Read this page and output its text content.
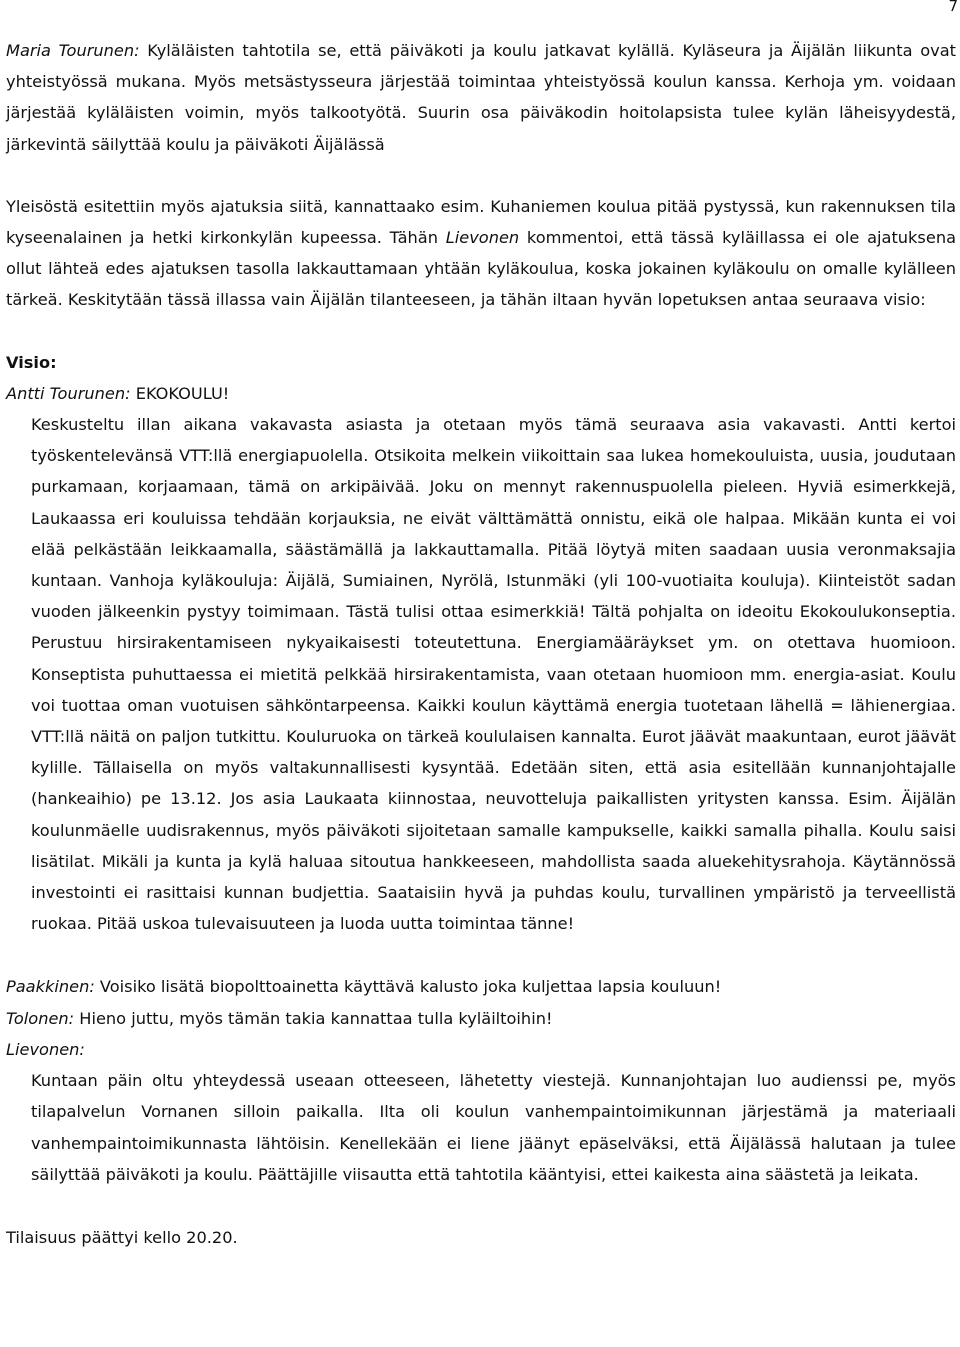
7

Maria Tourunen: Kyläläisten tahtotila se, että päiväkoti ja koulu jatkavat kylällä. Kyläseura ja Äijälän liikunta ovat yhteistyössä mukana. Myös metsästysseura järjestää toimintaa yhteistyössä koulun kanssa. Kerhoja ym. voidaan järjestää kyläläisten voimin, myös talkootyötä. Suurin osa päiväkodin hoitolapsista tulee kylän läheisyydestä, järkevintä säilyttää koulu ja päiväkoti Äijälässä

Yleisöstä esitettiin myös ajatuksia siitä, kannattaako esim. Kuhaniemen koulua pitää pystyssä, kun rakennuksen tila kyseenalainen ja hetki kirkonkylän kupeessa. Tähän Lievonen kommentoi, että tässä kyläillassa ei ole ajatuksena ollut lähteä edes ajatuksen tasolla lakkauttamaan yhtään kyläkoulua, koska jokainen kyläkoulu on omalle kylälleen tärkeä. Keskitytään tässä illassa vain Äijälän tilanteeseen, ja tähän iltaan hyvän lopetuksen antaa seuraava visio:

Visio:

Antti Tourunen: EKOKOULU!

Keskusteltu illan aikana vakavasta asiasta ja otetaan myös tämä seuraava asia vakavasti. Antti kertoi työskentelevänsä VTT:llä energiapuolella. Otsikoita melkein viikoittain saa lukea homekouluista, uusia, joudutaan purkamaan, korjaamaan, tämä on arkipäivää. Joku on mennyt rakennuspuolella pieleen. Hyviä esimerkkejä, Laukaassa eri kouluissa tehdään korjauksia, ne eivät välttämättä onnistu, eikä ole halpaa. Mikään kunta ei voi elää pelkästään leikkaamalla, säästämällä ja lakkauttamalla. Pitää löytyä miten saadaan uusia veronmaksajia kuntaan. Vanhoja kyläkouluja: Äijälä, Sumiainen, Nyrölä, Istunmäki (yli 100-vuotiaita kouluja). Kiinteistöt sadan vuoden jälkeenkin pystyy toimimaan. Tästä tulisi ottaa esimerkkiä! Tältä pohjalta on ideoitu Ekokoulukonseptia. Perustuu hirsirakentamiseen nykyaikaisesti toteutettuna. Energiamääräykset ym. on otettava huomioon. Konseptista puhuttaessa ei mietitä pelkkää hirsirakentamista, vaan otetaan huomioon mm. energia-asiat. Koulu voi tuottaa oman vuotuisen sähköntarpeensa. Kaikki koulun käyttämä energia tuotetaan lähellä = lähienergiaa. VTT:llä näitä on paljon tutkittu. Kouluruoka on tärkeä koululaisen kannalta. Eurot jäävät maakuntaan, eurot jäävät kylille. Tällaisella on myös valtakunnallisesti kysyntää. Edetään siten, että asia esitellään kunnanjohtajalle (hankeaihio) pe 13.12. Jos asia Laukaata kiinnostaa, neuvotteluja paikallisten yritysten kanssa. Esim. Äijälän koulunmäelle uudisrakennus, myös päiväkoti sijoitetaan samalle kampukselle, kaikki samalla pihalla. Koulu saisi lisätilat. Mikäli ja kunta ja kylä haluaa sitoutua hankkeeseen, mahdollista saada aluekehitysrahoja. Käytännössä investointi ei rasittaisi kunnan budjettia. Saataisiin hyvä ja puhdas koulu, turvallinen ympäristö ja terveellistä ruokaa. Pitää uskoa tulevaisuuteen ja luoda uutta toimintaa tänne!

Paakkinen: Voisiko lisätä biopolttoainetta käyttävä kalusto joka kuljettaa lapsia kouluun!

Tolonen: Hieno juttu, myös tämän takia kannattaa tulla kyläiltoihin!

Lievonen:

Kuntaan päin oltu yhteydessä useaan otteeseen, lähetetty viestejä. Kunnanjohtajan luo audienssi pe, myös tilapalvelun Vornanen silloin paikalla. Ilta oli koulun vanhempaintoimikunnan järjestämä ja materiaali vanhempaintoimikunnasta lähtöisin. Kenellekään ei liene jäänyt epäselväksi, että Äijälässä halutaan ja tulee säilyttää päiväkoti ja koulu. Päättäjille viisautta että tahtotila kääntyisi, ettei kaikesta aina säästetä ja leikata.

Tilaisuus päättyi kello 20.20.
